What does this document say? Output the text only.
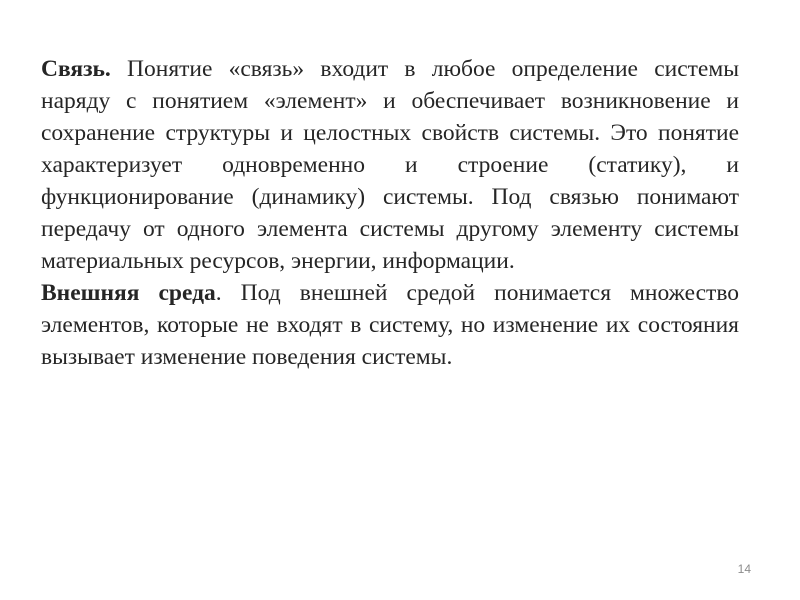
Связь. Понятие «связь» входит в любое определение системы наряду с понятием «элемент» и обеспечивает возникновение и сохранение структуры и целостных свойств системы. Это понятие характеризует одновременно и строение (статику), и функционирование (динамику) системы. Под связью понимают передачу от одного элемента системы другому элементу системы материальных ресурсов, энергии, информации.

Внешняя среда. Под внешней средой понимается множество элементов, которые не входят в систему, но изменение их состояния вызывает изменение поведения системы.

14
